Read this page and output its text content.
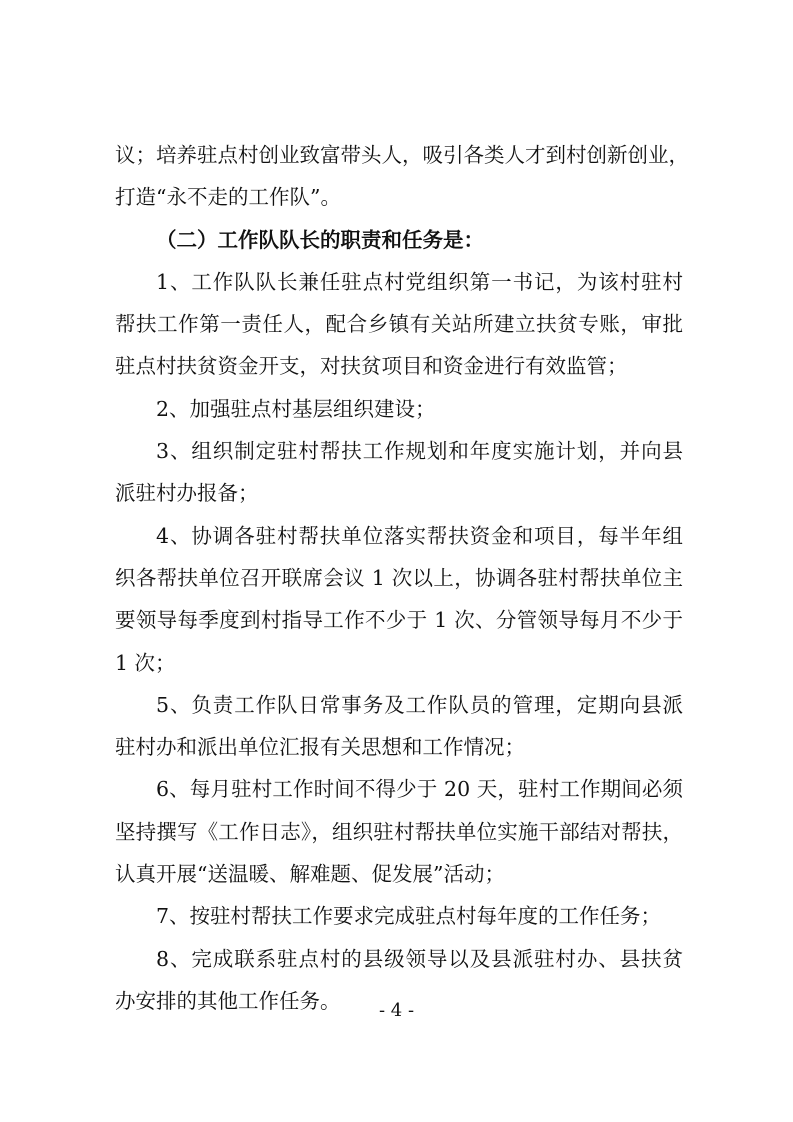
议；培养驻点村创业致富带头人，吸引各类人才到村创新创业，
打造“永不走的工作队”。
（二）工作队队长的职责和任务是：
1、工作队队长兼任驻点村党组织第一书记，为该村驻村
帮扶工作第一责任人，配合乡镇有关站所建立扶贫专账，审批
驻点村扶贫资金开支，对扶贫项目和资金进行有效监管；
2、加强驻点村基层组织建设；
3、组织制定驻村帮扶工作规划和年度实施计划，并向县
派驻村办报备；
4、协调各驻村帮扶单位落实帮扶资金和项目，每半年组
织各帮扶单位召开联席会议 1 次以上，协调各驻村帮扶单位主
要领导每季度到村指导工作不少于 1 次、分管领导每月不少于
1 次；
5、负责工作队日常事务及工作队员的管理，定期向县派
驻村办和派出单位汇报有关思想和工作情况；
6、每月驻村工作时间不得少于 20 天，驻村工作期间必须
坚持撰写《工作日志》，组织驻村帮扶单位实施干部结对帮扶，
认真开展“送温暖、解难题、促发展”活动；
7、按驻村帮扶工作要求完成驻点村每年度的工作任务；
8、完成联系驻点村的县级领导以及县派驻村办、县扶贫
办安排的其他工作任务。	- 4 -
